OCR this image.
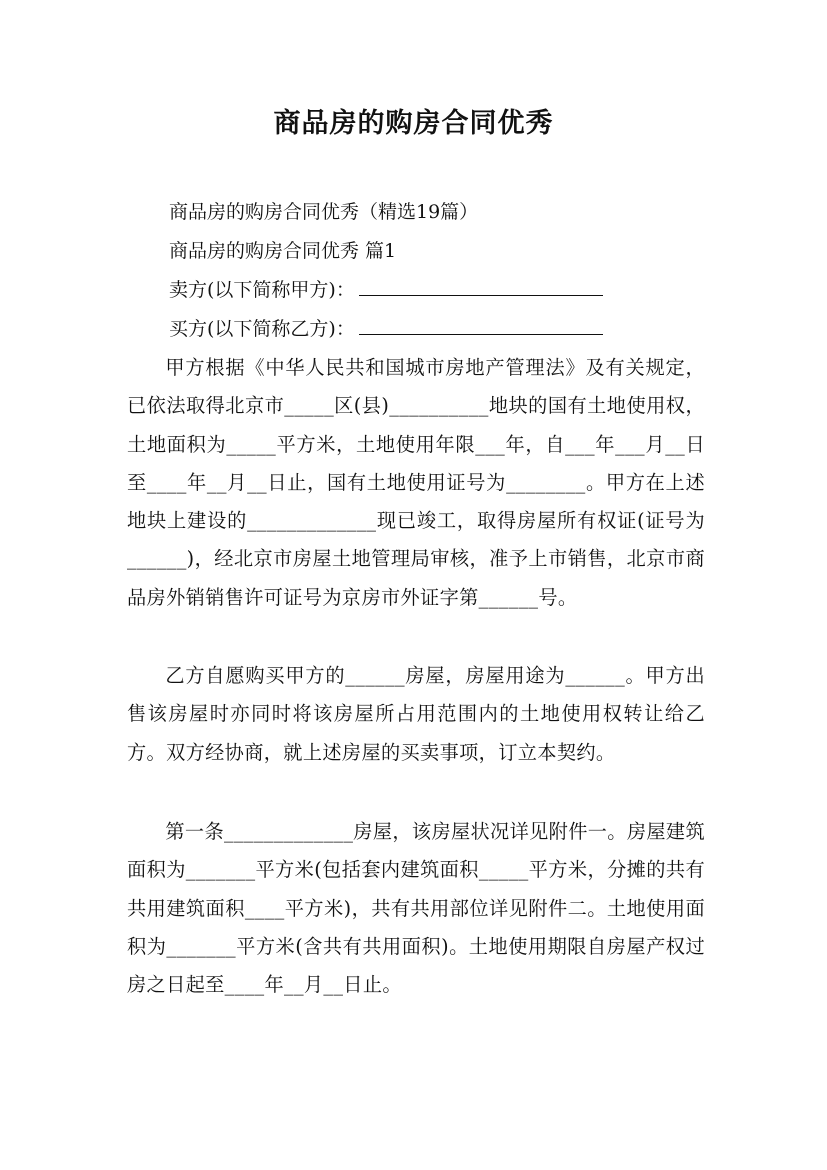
商品房的购房合同优秀
商品房的购房合同优秀（精选19篇）
商品房的购房合同优秀 篇1
卖方(以下简称甲方)：
买方(以下简称乙方)：

甲方根据《中华人民共和国城市房地产管理法》及有关规定，已依法取得北京市_____区(县)__________地块的国有土地使用权，土地面积为_____平方米，土地使用年限___年，自___年___月__日至____年__月__日止，国有土地使用证号为________。甲方在上述地块上建设的_____________现已竣工，取得房屋所有权证(证号为______)，经北京市房屋土地管理局审核，准予上市销售，北京市商品房外销销售许可证号为京房市外证字第______号。

乙方自愿购买甲方的______房屋，房屋用途为______。甲方出售该房屋时亦同时将该房屋所占用范围内的土地使用权转让给乙方。双方经协商，就上述房屋的买卖事项，订立本契约。

第一条_____________房屋，该房屋状况详见附件一。房屋建筑面积为_______平方米(包括套内建筑面积_____平方米，分摊的共有共用建筑面积____平方米)，共有共用部位详见附件二。土地使用面积为_______平方米(含共有共用面积)。土地使用期限自房屋产权过房之日起至____年__月__日止。
